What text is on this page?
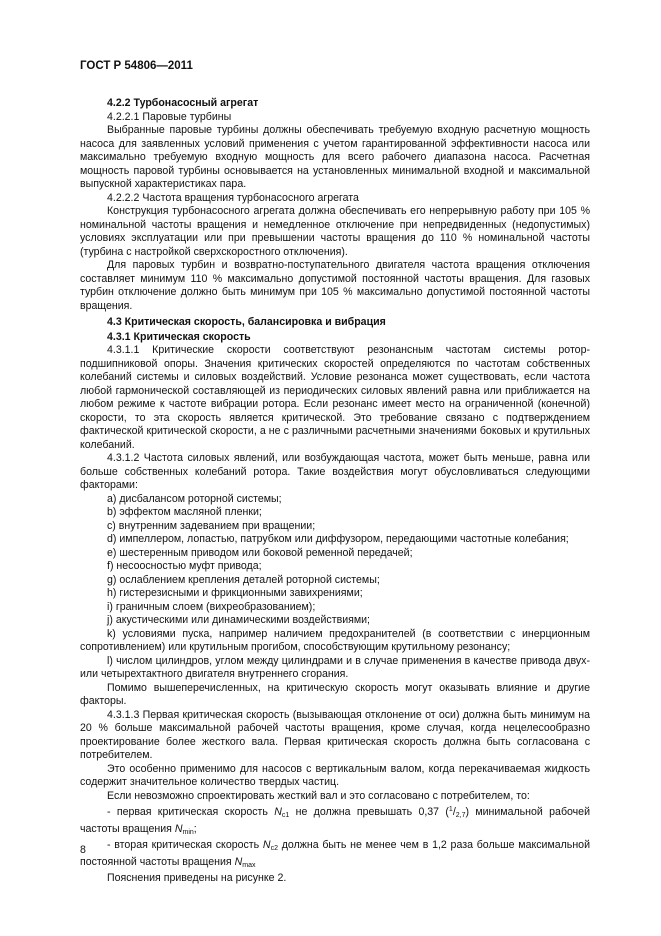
ГОСТ Р 54806—2011

4.2.2 Турбонасосный агрегат

4.2.2.1 Паровые турбины

Выбранные паровые турбины должны обеспечивать требуемую входную расчетную мощность насоса для заявленных условий применения с учетом гарантированной эффективности насоса или максимально требуемую входную мощность для всего рабочего диапазона насоса. Расчетная мощность паровой турбины основывается на установленных минимальной входной и максимальной выпускной характеристиках пара.

4.2.2.2 Частота вращения турбонасосного агрегата

Конструкция турбонасосного агрегата должна обеспечивать его непрерывную работу при 105 % номинальной частоты вращения и немедленное отключение при непредвиденных (недопустимых) условиях эксплуатации или при превышении частоты вращения до 110 % номинальной частоты (турбина с настройкой сверхскоростного отключения).

Для паровых турбин и возвратно-поступательного двигателя частота вращения отключения составляет минимум 110 % максимально допустимой постоянной частоты вращения. Для газовых турбин отключение должно быть минимум при 105 % максимально допустимой постоянной частоты вращения.

4.3 Критическая скорость, балансировка и вибрация

4.3.1 Критическая скорость

4.3.1.1 Критические скорости соответствуют резонансным частотам системы ротор-подшипниковой опоры. Значения критических скоростей определяются по частотам собственных колебаний системы и силовых воздействий. Условие резонанса может существовать, если частота любой гармонической составляющей из периодических силовых явлений равна или приближается на любом режиме к частоте вибрации ротора. Если резонанс имеет место на ограниченной (конечной) скорости, то эта скорость является критической. Это требование связано с подтверждением фактической критической скорости, а не с различными расчетными значениями боковых и крутильных колебаний.

4.3.1.2 Частота силовых явлений, или возбуждающая частота, может быть меньше, равна или больше собственных колебаний ротора. Такие воздействия могут обусловливаться следующими факторами:

а) дисбалансом роторной системы;

b) эффектом масляной пленки;

с) внутренним задеванием при вращении;

d) импеллером, лопастью, патрубком или диффузором, передающими частотные колебания;

е) шестеренным приводом или боковой ременной передачей;

f) несоосностью муфт привода;

g) ослаблением крепления деталей роторной системы;

h) гистерезисными и фрикционными завихрениями;

i) граничным слоем (вихреобразованием);

j) акустическими или динамическими воздействиями;

k) условиями пуска, например наличием предохранителей (в соответствии с инерционным сопротивлением) или крутильным прогибом, способствующим крутильному резонансу;

l) числом цилиндров, углом между цилиндрами и в случае применения в качестве привода двух- или четырехтактного двигателя внутреннего сгорания.

Помимо вышеперечисленных, на критическую скорость могут оказывать влияние и другие факторы.

4.3.1.3 Первая критическая скорость (вызывающая отклонение от оси) должна быть минимум на 20 % больше максимальной рабочей частоты вращения, кроме случая, когда нецелесообразно проектирование более жесткого вала. Первая критическая скорость должна быть согласована с потребителем.

Это особенно применимо для насосов с вертикальным валом, когда перекачиваемая жидкость содержит значительное количество твердых частиц.

Если невозможно спроектировать жесткий вал и это согласовано с потребителем, то:

- первая критическая скорость $N_{c1}$ не должна превышать 0,37 $(^1/_{2,7})$ минимальной рабочей частоты вращения $N_{min}$;

- вторая критическая скорость $N_{c2}$ должна быть не менее чем в 1,2 раза больше максимальной постоянной частоты вращения $N_{max}$

Пояснения приведены на рисунке 2.

8
